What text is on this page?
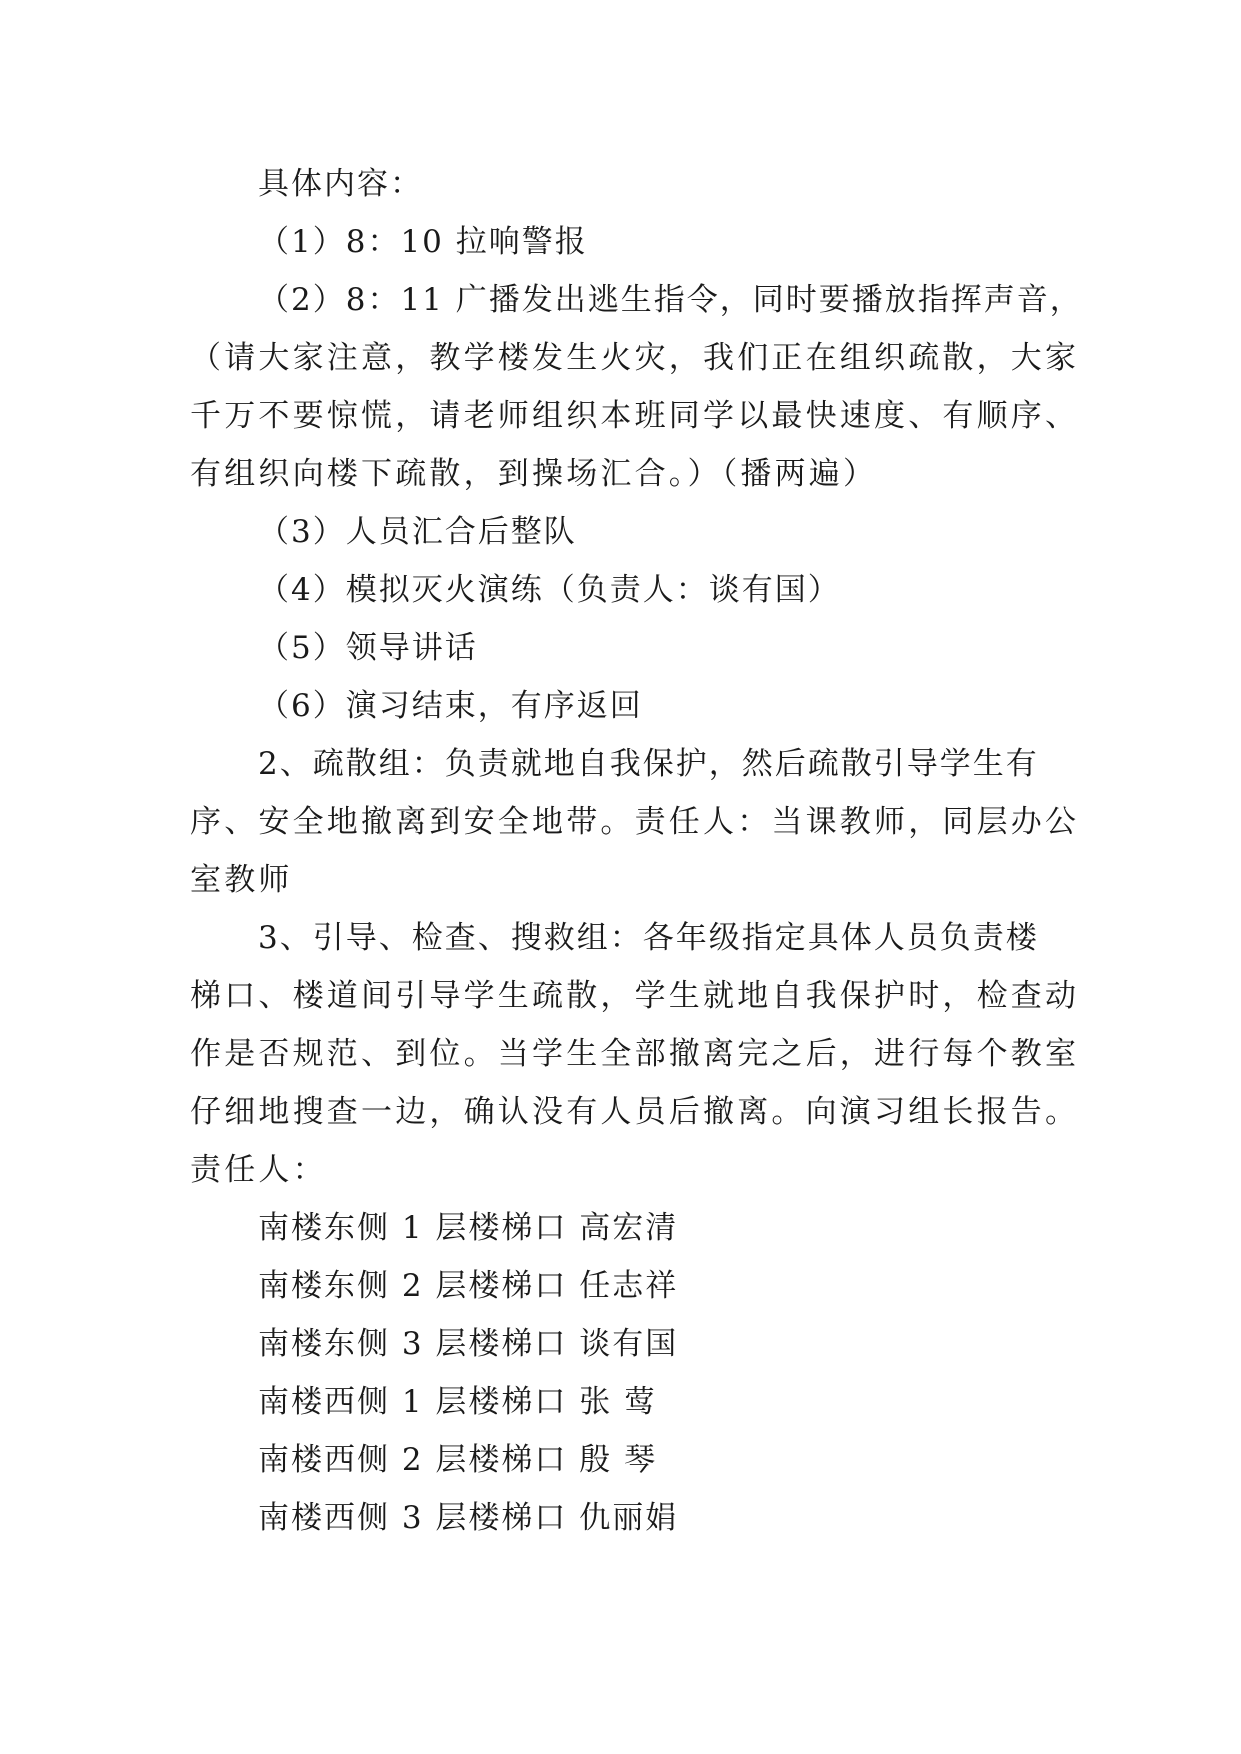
具体内容：
（1）8：10 拉响警报
（2）8：11 广播发出逃生指令，同时要播放指挥声音，
（请大家注意，教学楼发生火灾，我们正在组织疏散，大家
千万不要惊慌，请老师组织本班同学以最快速度、有顺序、
有组织向楼下疏散，到操场汇合。）（播两遍）
（3）人员汇合后整队
（4）模拟灭火演练（负责人：谈有国）
（5）领导讲话
（6）演习结束，有序返回
2、疏散组：负责就地自我保护，然后疏散引导学生有
序、安全地撤离到安全地带。责任人：当课教师，同层办公
室教师
3、引导、检查、搜救组：各年级指定具体人员负责楼
梯口、楼道间引导学生疏散，学生就地自我保护时，检查动
作是否规范、到位。当学生全部撤离完之后，进行每个教室
仔细地搜查一边，确认没有人员后撤离。向演习组长报告。
责任人：
南楼东侧 1 层楼梯口 高宏清
南楼东侧 2 层楼梯口 任志祥
南楼东侧 3 层楼梯口 谈有国
南楼西侧 1 层楼梯口 张 莺
南楼西侧 2 层楼梯口 殷 琴
南楼西侧 3 层楼梯口 仇丽娟
